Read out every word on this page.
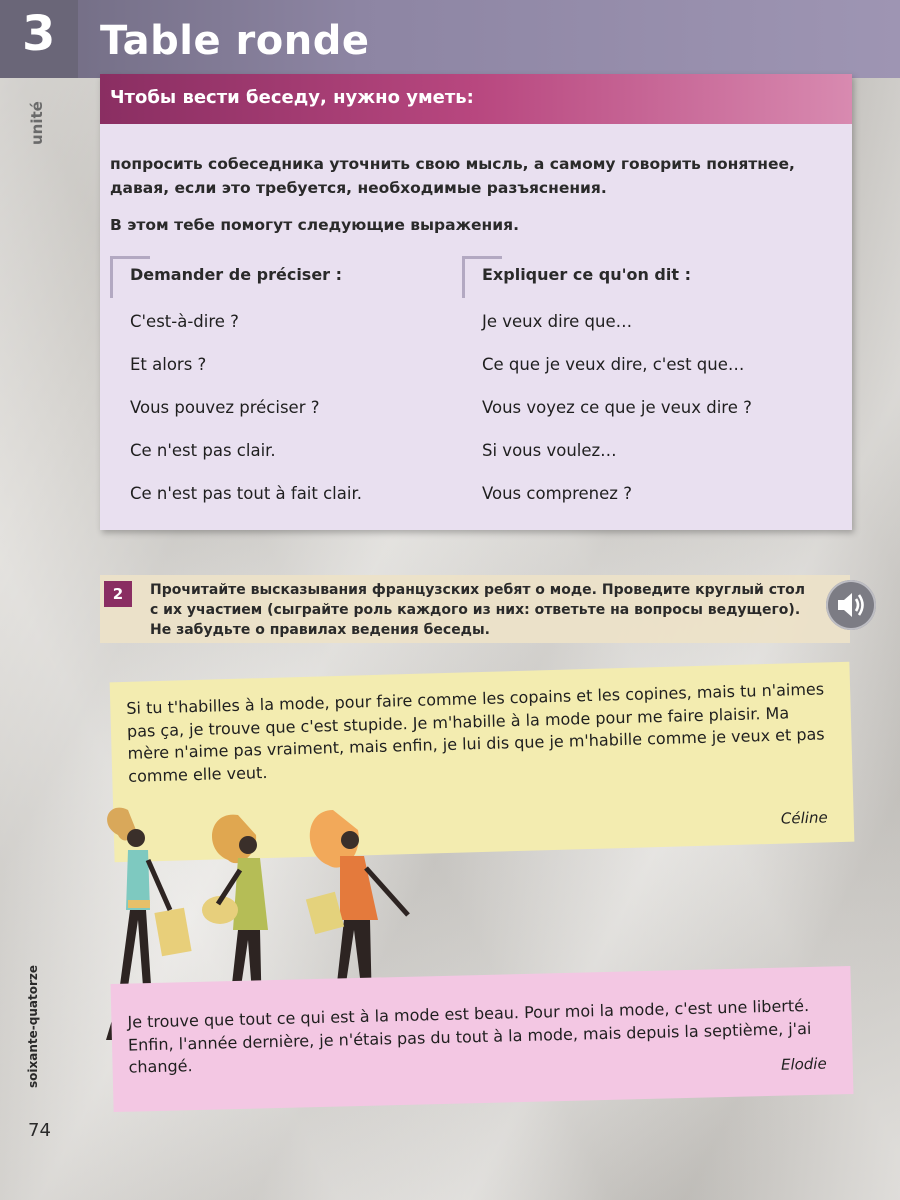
3
unité
Table ronde
Чтобы вести беседу, нужно уметь:

попросить собеседника уточнить свою мысль, а самому говорить понятнее, давая, если это требуется, необходимые разъяснения.

В этом тебе помогут следующие выражения.

Demander de préciser :
C'est-à-dire ?
Et alors ?
Vous pouvez préciser ?
Ce n'est pas clair.
Ce n'est pas tout à fait clair.
Expliquer ce qu'on dit :
Je veux dire que…
Ce que je veux dire, c'est que…
Vous voyez ce que je veux dire ?
Si vous voulez…
Vous comprenez ?
2	Прочитайте высказывания французских ребят о моде. Проведите круглый стол с их участием (сыграйте роль каждого из них: ответьте на вопросы ведущего). Не забудьте о правилах ведения беседы.

Si tu t'habilles à la mode, pour faire comme les copains et les copines, mais tu n'aimes pas ça, je trouve que c'est stupide. Je m'habille à la mode pour me faire plaisir. Ma mère n'aime pas vraiment, mais enfin, je lui dis que je m'habille comme je veux et pas comme elle veut.

Céline

Je trouve que tout ce qui est à la mode est beau. Pour moi la mode, c'est une liberté. Enfin, l'année dernière, je n'étais pas du tout à la mode, mais depuis la septième, j'ai changé.	Elodie
soixante-quatorze
74
